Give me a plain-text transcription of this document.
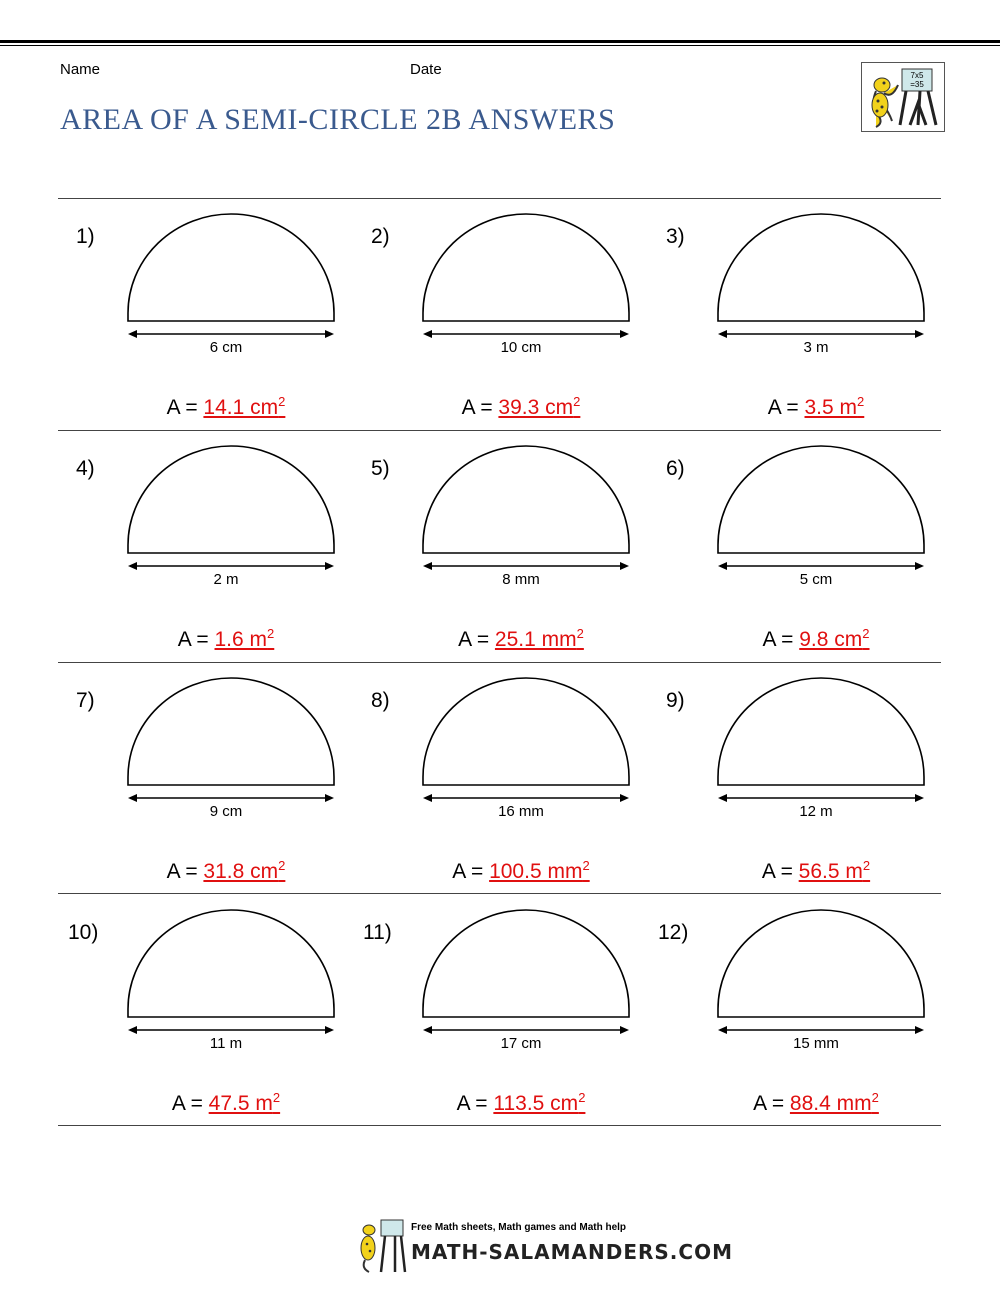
Name	Date
AREA OF A SEMI-CIRCLE 2B ANSWERS
7x5
=35
1)
6 cm
A = 14.1 $cm^2$
2)
10 cm
A = 39.3 $cm^2$
3)
3 m
A = 3.5 $m^2$
4)
2 m
A = 1.6 $m^2$
5)
8 mm
A = 25.1 $mm^2$
6)
5 cm
A = 9.8 $cm^2$
7)
9 cm
A = 31.8 $cm^2$
8)
16 mm
A = 100.5 $mm^2$
9)
12 m
A = 56.5 $m^2$
10)
11 m
A = 47.5 $m^2$
11)
17 cm
A = 113.5 $cm^2$
12)
15 mm
A = 88.4 $mm^2$
Free Math sheets, Math games and Math help
MATH-SALAMANDERS.COM
